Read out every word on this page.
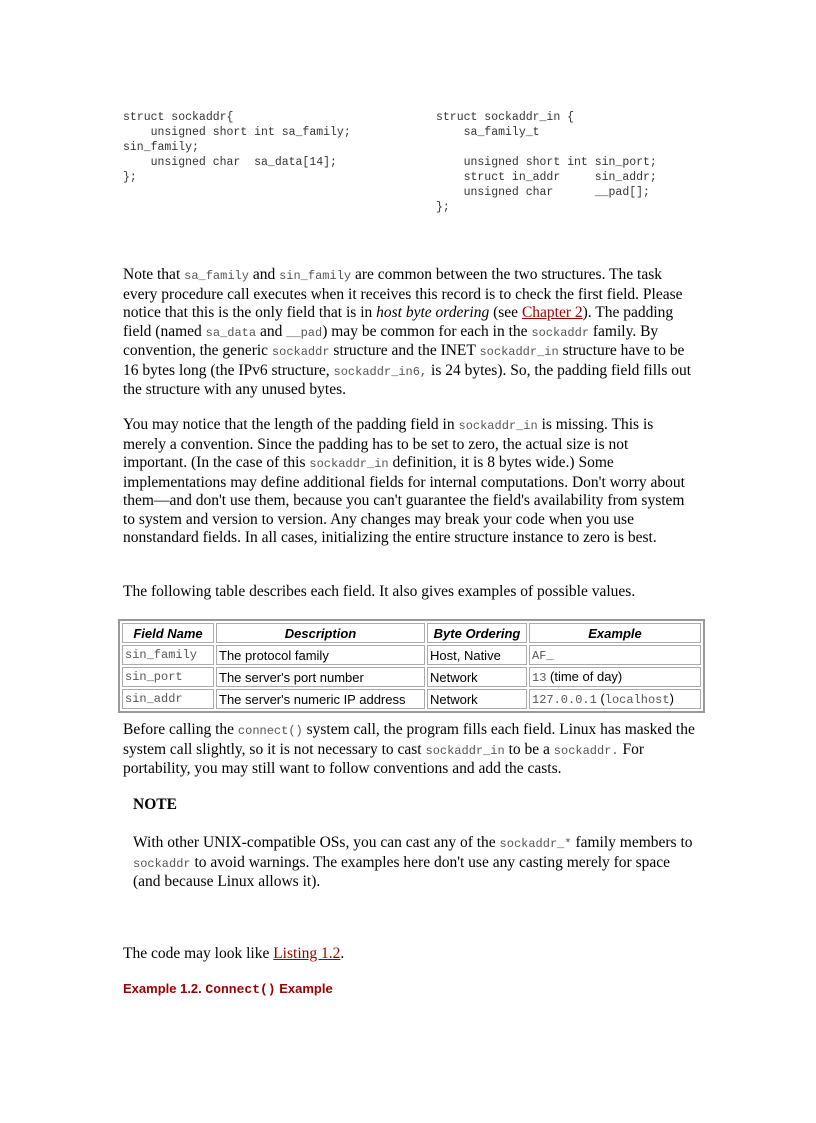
struct sockaddr{
unsigned short int sa_family;
sin_family;
unsigned char  sa_data[14];
};
struct sockaddr_in {
sa_family_t

unsigned short int sin_port;
struct in_addr     sin_addr;
unsigned char      __pad[];
};

Note that sa_family and sin_family are common between the two structures. The task every procedure call executes when it receives this record is to check the first field. Please notice that this is the only field that is in host byte ordering (see Chapter 2). The padding field (named sa_data and __pad) may be common for each in the sockaddr family. By convention, the generic sockaddr structure and the INET sockaddr_in structure have to be 16 bytes long (the IPv6 structure, sockaddr_in6, is 24 bytes). So, the padding field fills out the structure with any unused bytes.

You may notice that the length of the padding field in sockaddr_in is missing. This is merely a convention. Since the padding has to be set to zero, the actual size is not important. (In the case of this sockaddr_in definition, it is 8 bytes wide.) Some implementations may define additional fields for internal computations. Don't worry about them—and don't use them, because you can't guarantee the field's availability from system to system and version to version. Any changes may break your code when you use nonstandard fields. In all cases, initializing the entire structure instance to zero is best.

The following table describes each field. It also gives examples of possible values.

Field Name	Description	Byte Ordering	Example
sin_family	The protocol family	Host, Native	AF_
sin_port	The server's port number	Network	13 (time of day)
sin_addr	The server's numeric IP address	Network	127.0.0.1 (localhost)

Before calling the connect() system call, the program fills each field. Linux has masked the system call slightly, so it is not necessary to cast sockaddr_in to be a sockaddr. For portability, you may still want to follow conventions and add the casts.

NOTE

With other UNIX-compatible OSs, you can cast any of the sockaddr_* family members to sockaddr to avoid warnings. The examples here don't use any casting merely for space (and because Linux allows it).

The code may look like Listing 1.2.

Example 1.2. Connect() Example
